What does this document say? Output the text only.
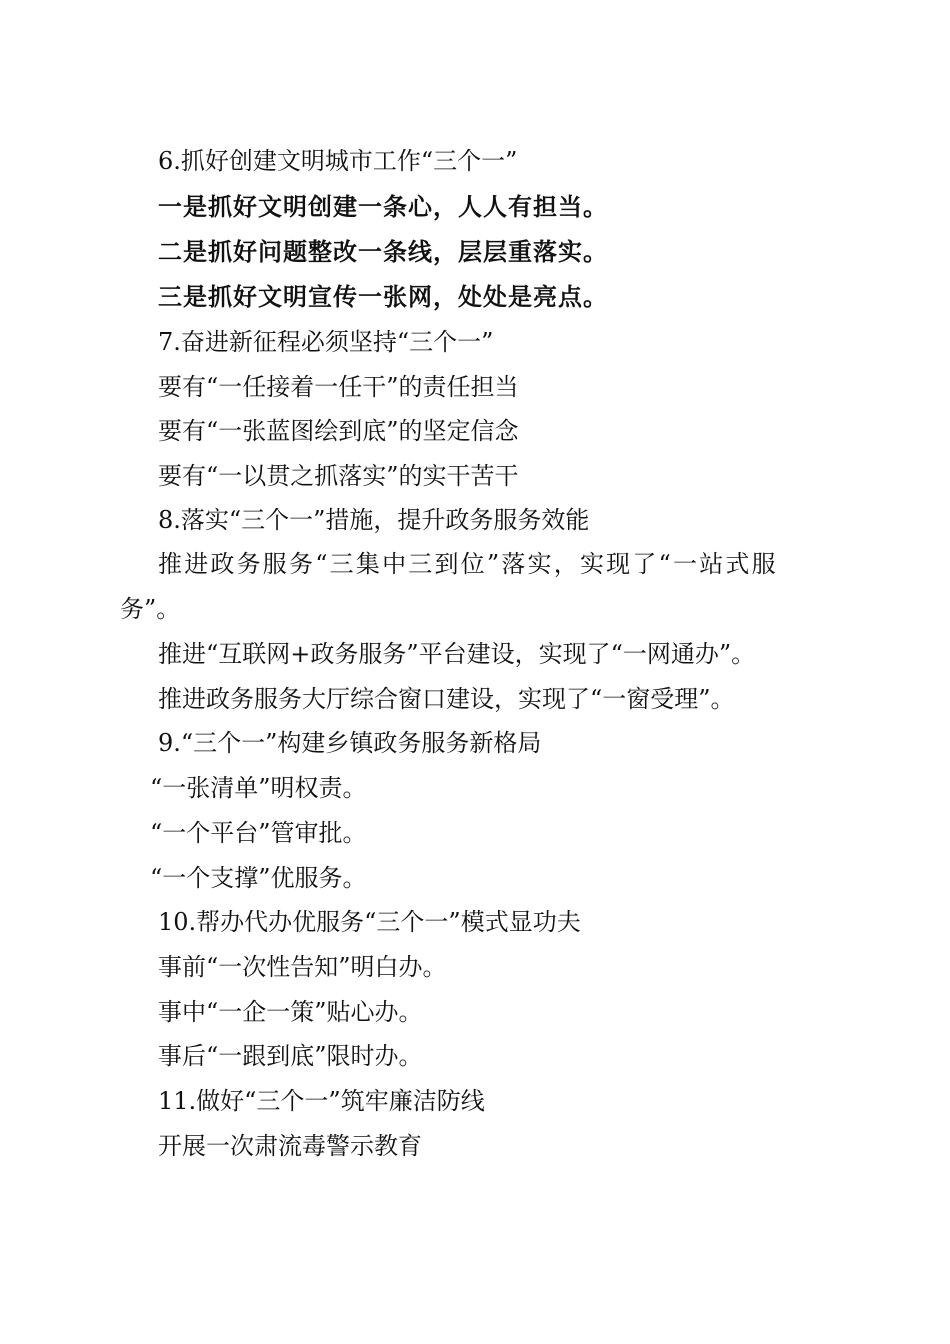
6.抓好创建文明城市工作“三个一”
一是抓好文明创建一条心，人人有担当。
二是抓好问题整改一条线，层层重落实。
三是抓好文明宣传一张网，处处是亮点。
7.奋进新征程必须坚持“三个一”
要有“一任接着一任干”的责任担当
要有“一张蓝图绘到底”的坚定信念
要有“一以贯之抓落实”的实干苦干
8.落实“三个一”措施，提升政务服务效能
推进政务服务“三集中三到位”落实，实现了“一站式服
务”。
推进“互联网+政务服务”平台建设，实现了“一网通办”。
推进政务服务大厅综合窗口建设，实现了“一窗受理”。
9.“三个一”构建乡镇政务服务新格局
“一张清单”明权责。
“一个平台”管审批。
“一个支撑”优服务。
10.帮办代办优服务“三个一”模式显功夫
事前“一次性告知”明白办。
事中“一企一策”贴心办。
事后“一跟到底”限时办。
11.做好“三个一”筑牢廉洁防线
开展一次肃流毒警示教育
